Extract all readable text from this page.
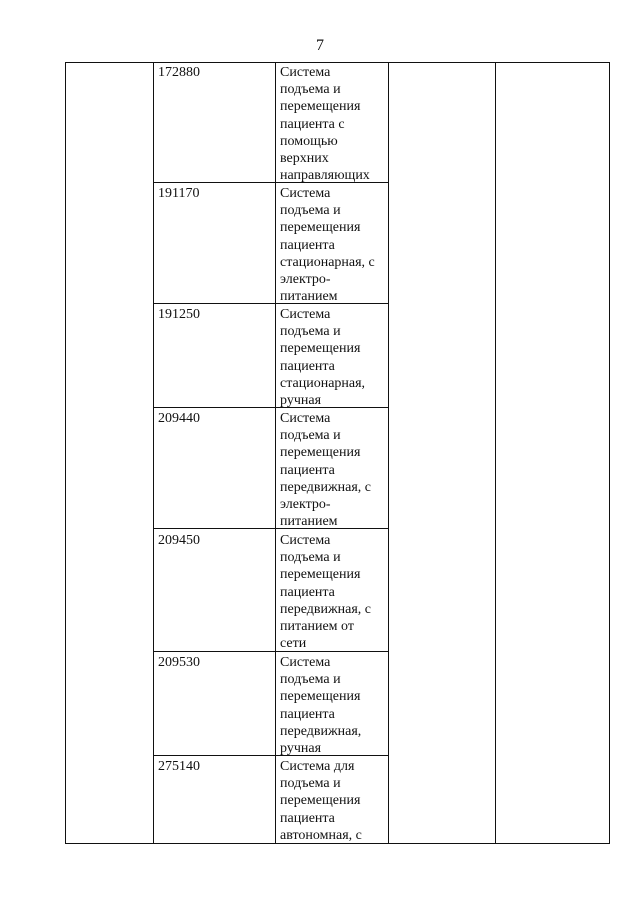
7
172880	Система
подъема и
перемещения
пациента с
помощью
верхних
направляющих
191170	Система
подъема и
перемещения
пациента
стационарная, с
электро-
питанием
191250	Система
подъема и
перемещения
пациента
стационарная,
ручная
209440	Система
подъема и
перемещения
пациента
передвижная, с
электро-
питанием
209450	Система
подъема и
перемещения
пациента
передвижная, с
питанием от
сети
209530	Система
подъема и
перемещения
пациента
передвижная,
ручная
275140	Система для
подъема и
перемещения
пациента
автономная, с
